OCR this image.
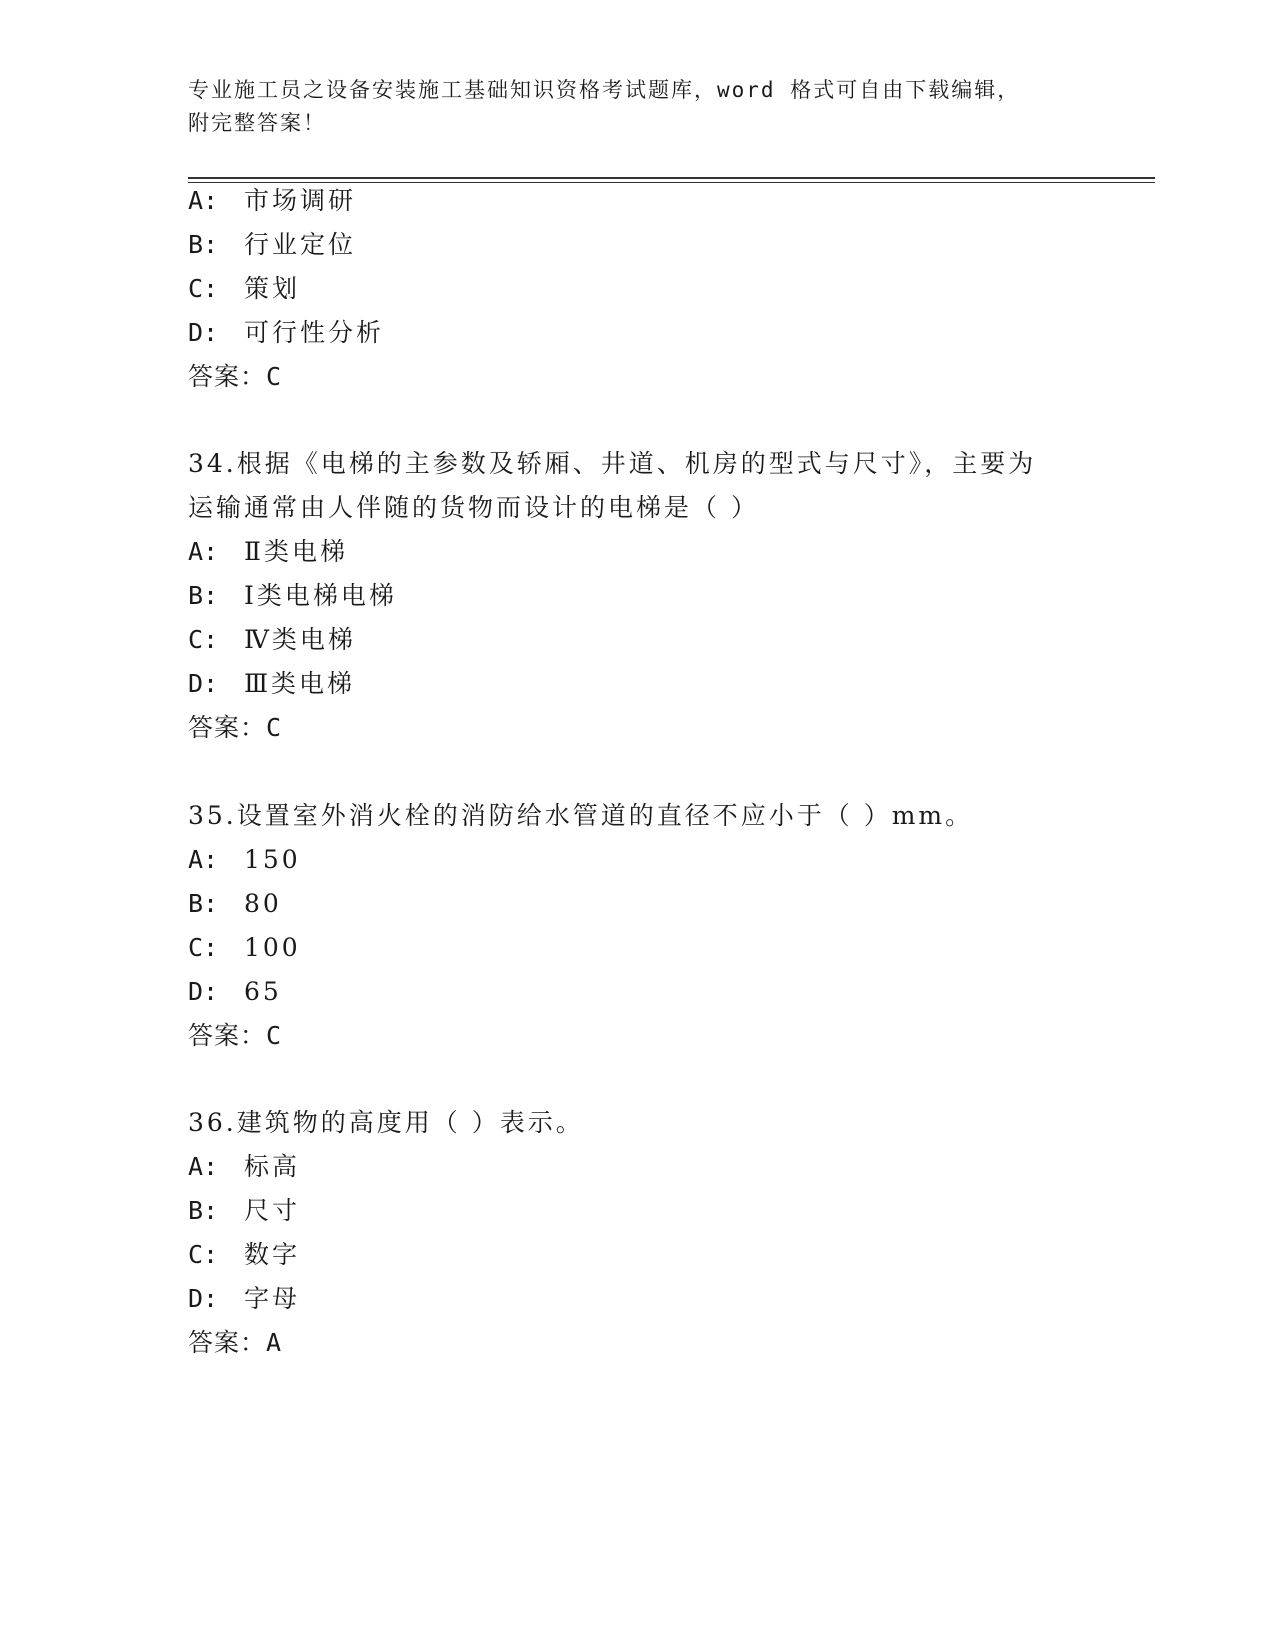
专业施工员之设备安装施工基础知识资格考试题库，word 格式可自由下载编辑，
附完整答案！
A: 市场调研
B: 行业定位
C: 策划
D: 可行性分析
答案：C
34.根据《电梯的主参数及轿厢、井道、机房的型式与尺寸》，主要为
运输通常由人伴随的货物而设计的电梯是（ ）
A: Ⅱ类电梯
B: Ⅰ类电梯电梯
C: Ⅳ类电梯
D: Ⅲ类电梯
答案：C
35.设置室外消火栓的消防给水管道的直径不应小于（ ）mm。
A: 150
B: 80
C: 100
D: 65
答案：C
36.建筑物的高度用（ ）表示。
A: 标高
B: 尺寸
C: 数字
D: 字母
答案：A
